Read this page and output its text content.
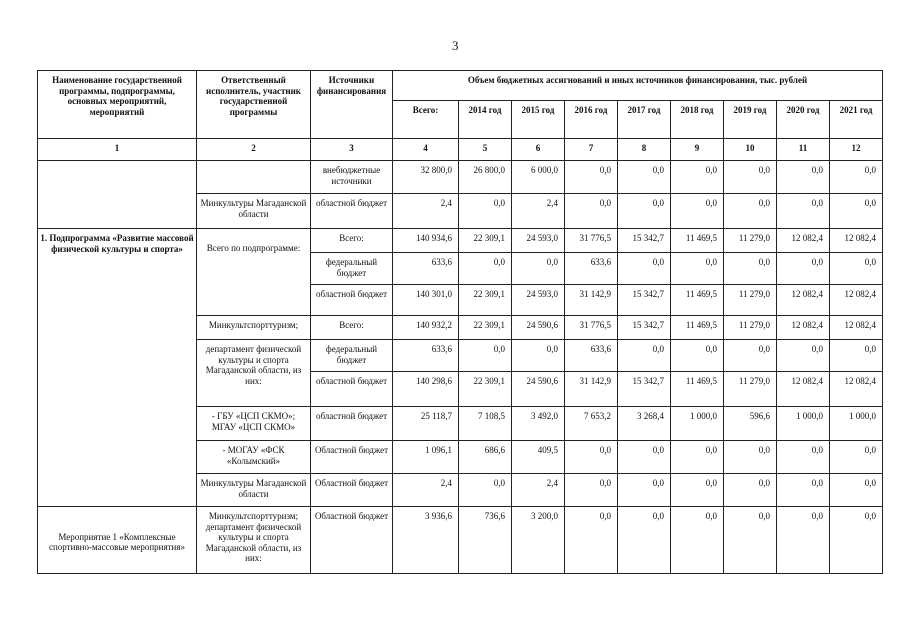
3
Наименование государственной программы, подпрограммы, основных мероприятий, мероприятий	Ответственный исполнитель, участник государственной программы	Источники финансирования	Объем бюджетных ассигнований и иных источников финансирования, тыс. рублей								
			Всего:	2014 год	2015 год	2016 год	2017 год	2018 год	2019 год	2020 год	2021 год
1	2	3	4	5	6	7	8	9	10	11	12
		внебюджетные источники	32 800,0	26 800,0	6 000,0	0,0	0,0	0,0	0,0	0,0	0,0
	Минкультуры Магаданской области	областной бюджет	2,4	0,0	2,4	0,0	0,0	0,0	0,0	0,0	0,0
1. Подпрограмма «Развитие массовой физической культуры и спорта»	Всего по подпрограмме:	Всего:	140 934,6	22 309,1	24 593,0	31 776,5	15 342,7	11 469,5	11 279,0	12 082,4	12 082,4
		федеральный бюджет	633,6	0,0	0,0	633,6	0,0	0,0	0,0	0,0	0,0
		областной бюджет	140 301,0	22 309,1	24 593,0	31 142,9	15 342,7	11 469,5	11 279,0	12 082,4	12 082,4
	Минкультспорттуризм;	Всего:	140 932,2	22 309,1	24 590,6	31 776,5	15 342,7	11 469,5	11 279,0	12 082,4	12 082,4
	департамент физической культуры и спорта Магаданской области, из них:	федеральный бюджет	633,6	0,0	0,0	633,6	0,0	0,0	0,0	0,0	0,0
		областной бюджет	140 298,6	22 309,1	24 590,6	31 142,9	15 342,7	11 469,5	11 279,0	12 082,4	12 082,4
	- ГБУ «ЦСП СКМО»; МГАУ «ЦСП СКМО»	областной бюджет	25 118,7	7 108,5	3 492,0	7 653,2	3 268,4	1 000,0	596,6	1 000,0	1 000,0
	- МОГАУ «ФСК «Колымский»	Областной бюджет	1 096,1	686,6	409,5	0,0	0,0	0,0	0,0	0,0	0,0
	Минкультуры Магаданской области	Областной бюджет	2,4	0,0	2,4	0,0	0,0	0,0	0,0	0,0	0,0
Мероприятие 1 «Комплексные спортивно-массовые мероприятия»	Минкультспорттуризм; департамент физической культуры и спорта Магаданской области, из них:	Областной бюджет	3 936,6	736,6	3 200,0	0,0	0,0	0,0	0,0	0,0	0,0
